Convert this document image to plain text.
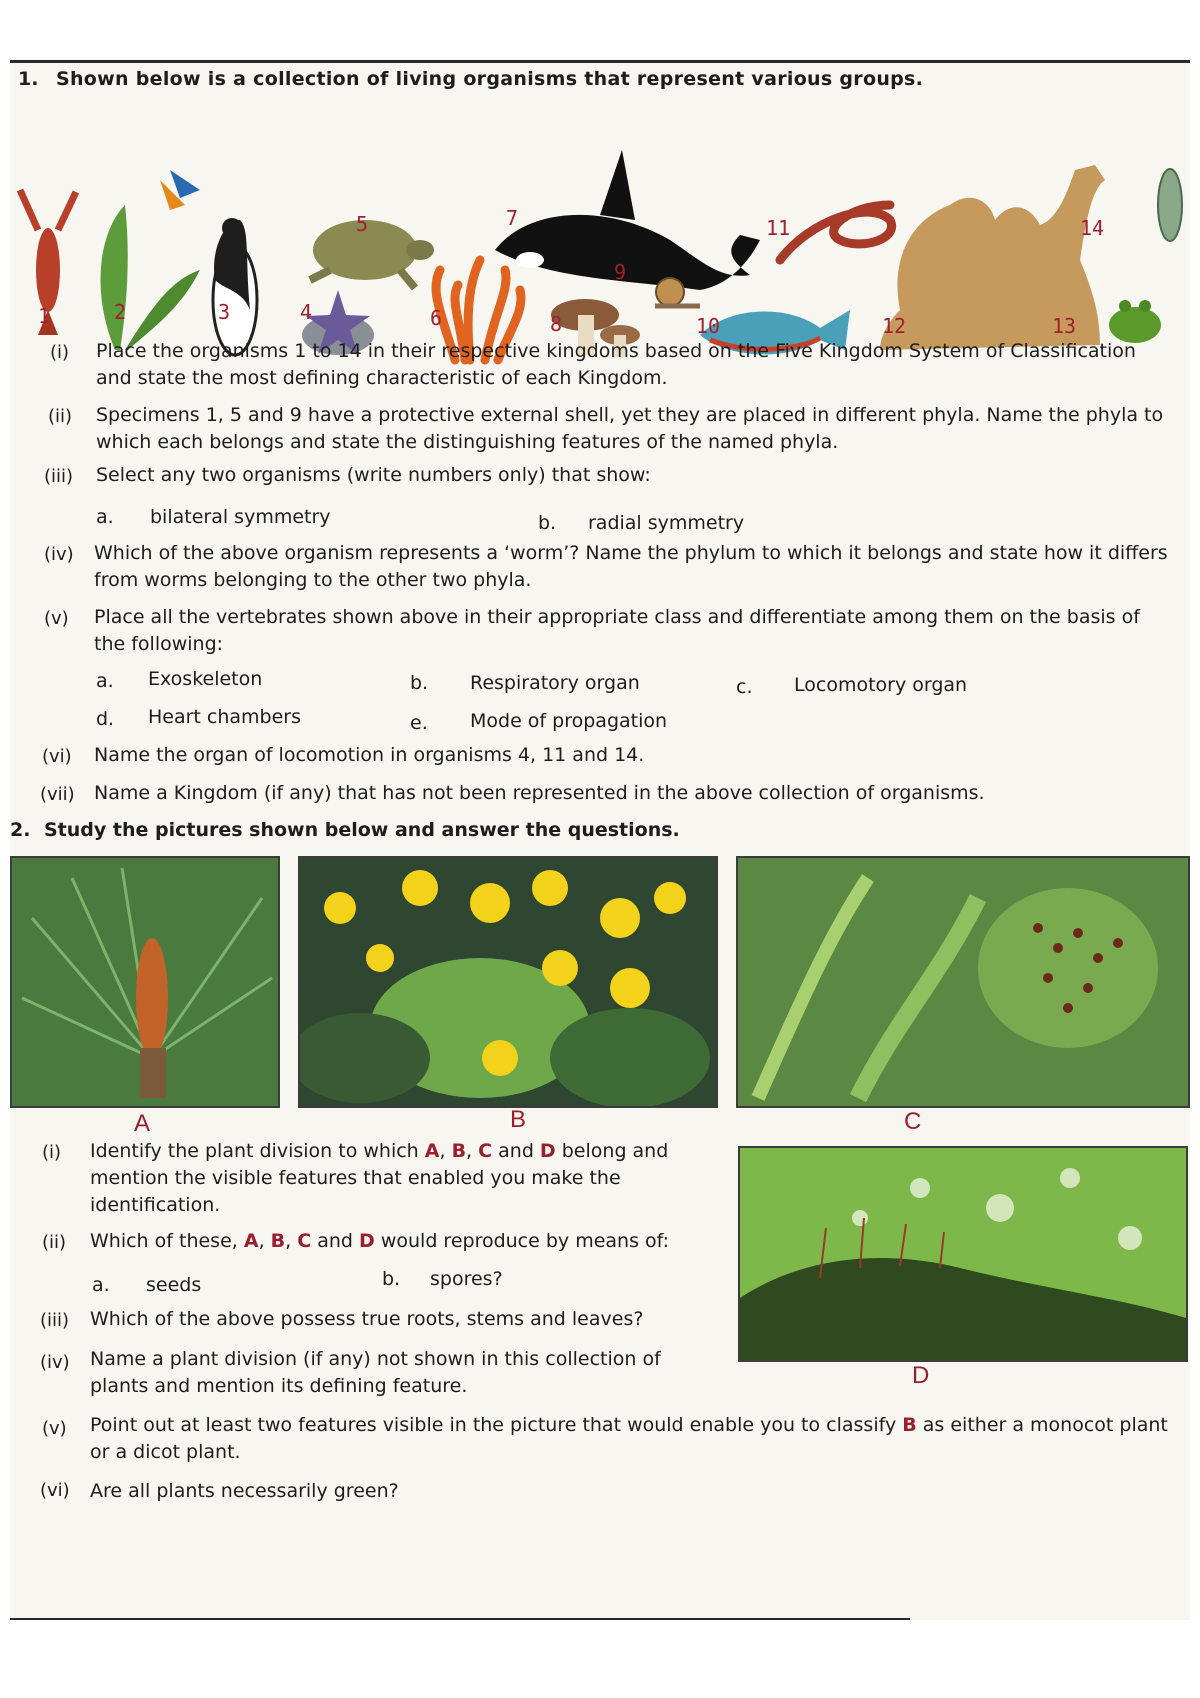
1. Shown below is a collection of living organisms that represent various groups.
1	2	3	4
5
6
7
8
9
10
11
12	13
14
(i) Place the organisms 1 to 14 in their respective kingdoms based on the Five Kingdom System of Classification and state the most defining characteristic of each Kingdom.
(ii) Specimens 1, 5 and 9 have a protective external shell, yet they are placed in different phyla. Name the phyla to which each belongs and state the distinguishing features of the named phyla.
(iii) Select any two organisms (write numbers only) that show:
a. bilateral symmetry	b. radial symmetry
(iv) Which of the above organism represents a ‘worm’? Name the phylum to which it belongs and state how it differs from worms belonging to the other two phyla.
(v) Place all the vertebrates shown above in their appropriate class and differentiate among them on the basis of the following:
a. Exoskeleton	b. Respiratory organ	c. Locomotory organ
d. Heart chambers	e. Mode of propagation
(vi) Name the organ of locomotion in organisms 4, 11 and 14.
(vii) Name a Kingdom (if any) that has not been represented in the above collection of organisms.
2. Study the pictures shown below and answer the questions.
A	B	C
D
(i) Identify the plant division to which A, B, C and D belong and mention the visible features that enabled you make the identification.
(ii) Which of these, A, B, C and D would reproduce by means of:
a. seeds	b. spores?
(iii) Which of the above possess true roots, stems and leaves?
(iv) Name a plant division (if any) not shown in this collection of plants and mention its defining feature.
(v) Point out at least two features visible in the picture that would enable you to classify B as either a monocot plant or a dicot plant.
(vi) Are all plants necessarily green?
